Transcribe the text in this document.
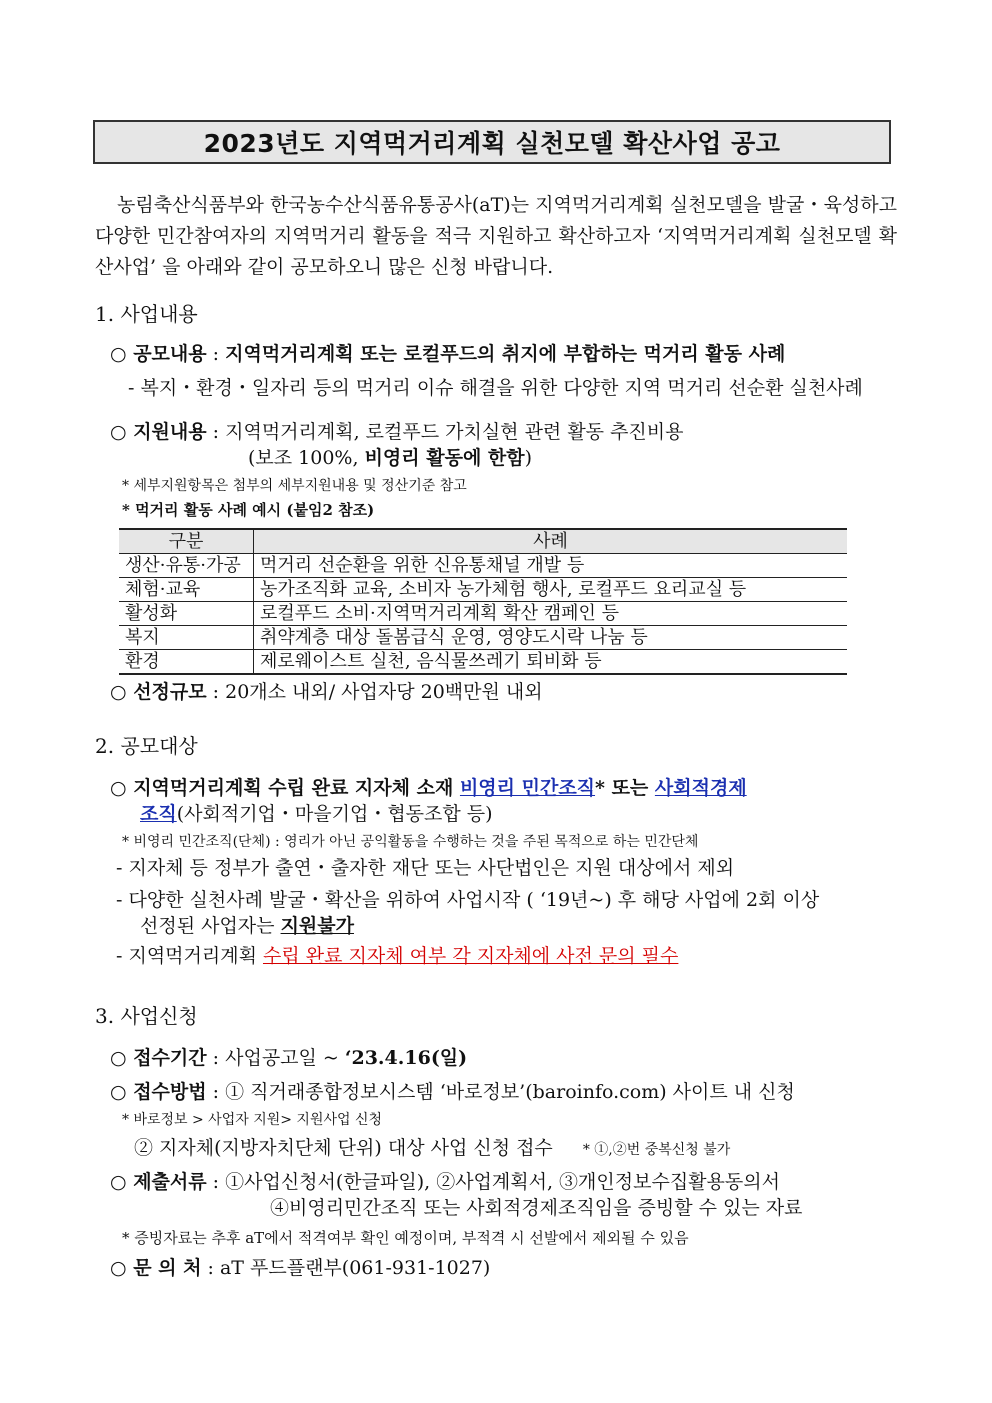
2023년도 지역먹거리계획 실천모델 확산사업 공고
농림축산식품부와 한국농수산식품유통공사(aT)는 지역먹거리계획 실천모델을 발굴・육성하고 다양한 민간참여자의 지역먹거리 활동을 적극 지원하고 확산하고자 ‘지역먹거리계획 실천모델 확산사업’ 을 아래와 같이 공모하오니 많은 신청 바랍니다.
1. 사업내용
○ 공모내용 : 지역먹거리계획 또는 로컬푸드의 취지에 부합하는 먹거리 활동 사례
- 복지・환경・일자리 등의 먹거리 이슈 해결을 위한 다양한 지역 먹거리 선순환 실천사례
○ 지원내용 : 지역먹거리계획, 로컬푸드 가치실현 관련 활동 추진비용
(보조 100%, 비영리 활동에 한함)
* 세부지원항목은 첨부의 세부지원내용 및 정산기준 참고
* 먹거리 활동 사례 예시 (붙임2 참조)
구분	사례
생산·유통·가공	먹거리 선순환을 위한 신유통채널 개발 등
체험·교육	농가조직화 교육, 소비자 농가체험 행사, 로컬푸드 요리교실 등
활성화	로컬푸드 소비·지역먹거리계획 확산 캠페인 등
복지	취약계층 대상 돌봄급식 운영, 영양도시락 나눔 등
환경	제로웨이스트 실천, 음식물쓰레기 퇴비화 등
○ 선정규모 : 20개소 내외/ 사업자당 20백만원 내외
2. 공모대상
○ 지역먹거리계획 수립 완료 지자체 소재 비영리 민간조직* 또는 사회적경제
조직(사회적기업・마을기업・협동조합 등)
* 비영리 민간조직(단체) : 영리가 아닌 공익활동을 수행하는 것을 주된 목적으로 하는 민간단체
- 지자체 등 정부가 출연・출자한 재단 또는 사단법인은 지원 대상에서 제외
- 다양한 실천사례 발굴・확산을 위하여 사업시작 ( ‘19년~) 후 해당 사업에 2회 이상
선정된 사업자는 지원불가
- 지역먹거리계획 수립 완료 지자체 여부 각 지자체에 사전 문의 필수
3. 사업신청
○ 접수기간 : 사업공고일 ~ ‘23.4.16(일)
○ 접수방법 : ① 직거래종합정보시스템 ‘바로정보’(baroinfo.com) 사이트 내 신청
* 바로정보 > 사업자 지원> 지원사업 신청
② 지자체(지방자치단체 단위) 대상 사업 신청 접수 * ①,②번 중복신청 불가
○ 제출서류 : ①사업신청서(한글파일), ②사업계획서, ③개인정보수집활용동의서
④비영리민간조직 또는 사회적경제조직임을 증빙할 수 있는 자료
* 증빙자료는 추후 aT에서 적격여부 확인 예정이며, 부적격 시 선발에서 제외될 수 있음
○ 문 의 처 : aT 푸드플랜부(061-931-1027)
